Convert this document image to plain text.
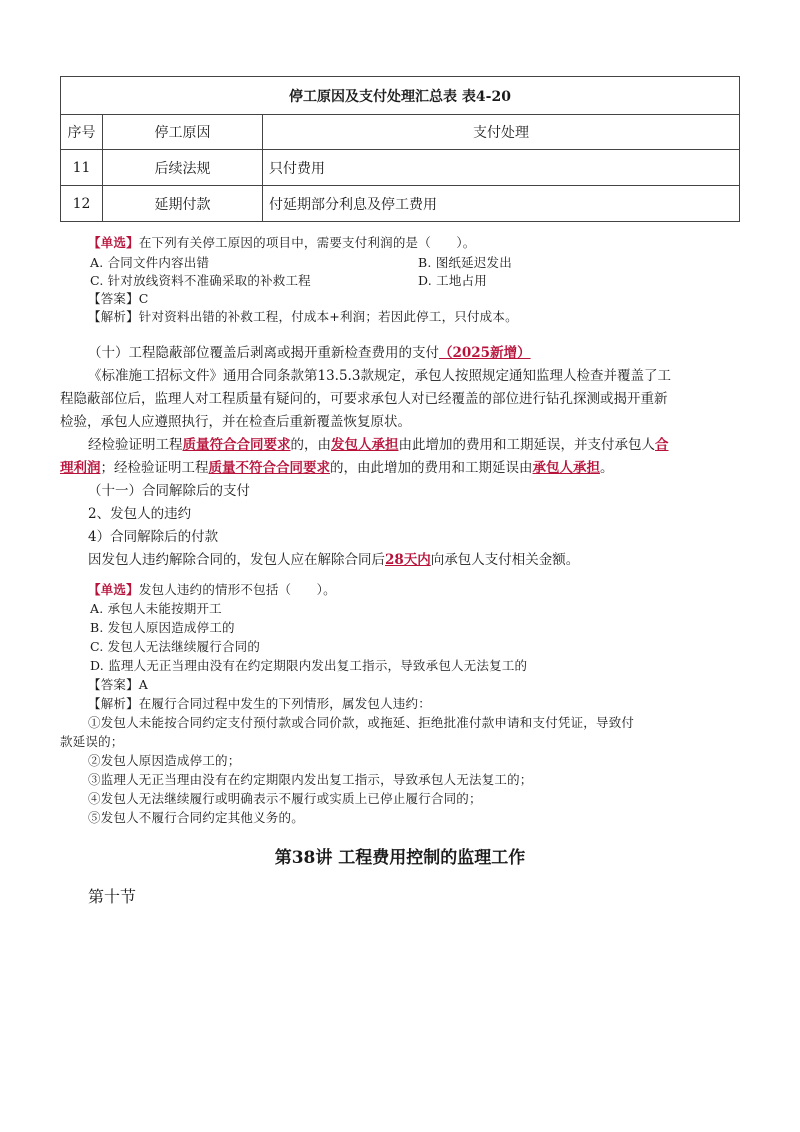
停工原因及支付处理汇总表 表4-20		
序号	停工原因	支付处理
11	后续法规	只付费用
12	延期付款	付延期部分利息及停工费用
【单选】在下列有关停工原因的项目中，需要支付利润的是（　　）。
A. 合同文件内容出错	B. 图纸延迟发出
C. 针对放线资料不准确采取的补救工程	D. 工地占用
【答案】C
【解析】针对资料出错的补救工程，付成本+利润；若因此停工，只付成本。
（十）工程隐蔽部位覆盖后剥离或揭开重新检查费用的支付（2025新增）
《标准施工招标文件》通用合同条款第13.5.3款规定，承包人按照规定通知监理人检查并覆盖了工
程隐蔽部位后，监理人对工程质量有疑问的，可要求承包人对已经覆盖的部位进行钻孔探测或揭开重新
检验，承包人应遵照执行，并在检查后重新覆盖恢复原状。
经检验证明工程质量符合合同要求的，由发包人承担由此增加的费用和工期延误，并支付承包人合
理利润；经检验证明工程质量不符合合同要求的，由此增加的费用和工期延误由承包人承担。
（十一）合同解除后的支付
2、发包人的违约
4）合同解除后的付款
因发包人违约解除合同的，发包人应在解除合同后28天内向承包人支付相关金额。
【单选】发包人违约的情形不包括（　　）。
A. 承包人未能按期开工
B. 发包人原因造成停工的
C. 发包人无法继续履行合同的
D. 监理人无正当理由没有在约定期限内发出复工指示，导致承包人无法复工的
【答案】A
【解析】在履行合同过程中发生的下列情形，属发包人违约：
①发包人未能按合同约定支付预付款或合同价款，或拖延、拒绝批准付款申请和支付凭证，导致付
款延误的；
②发包人原因造成停工的；
③监理人无正当理由没有在约定期限内发出复工指示，导致承包人无法复工的；
④发包人无法继续履行或明确表示不履行或实质上已停止履行合同的；
⑤发包人不履行合同约定其他义务的。
第38讲 工程费用控制的监理工作
第十节
